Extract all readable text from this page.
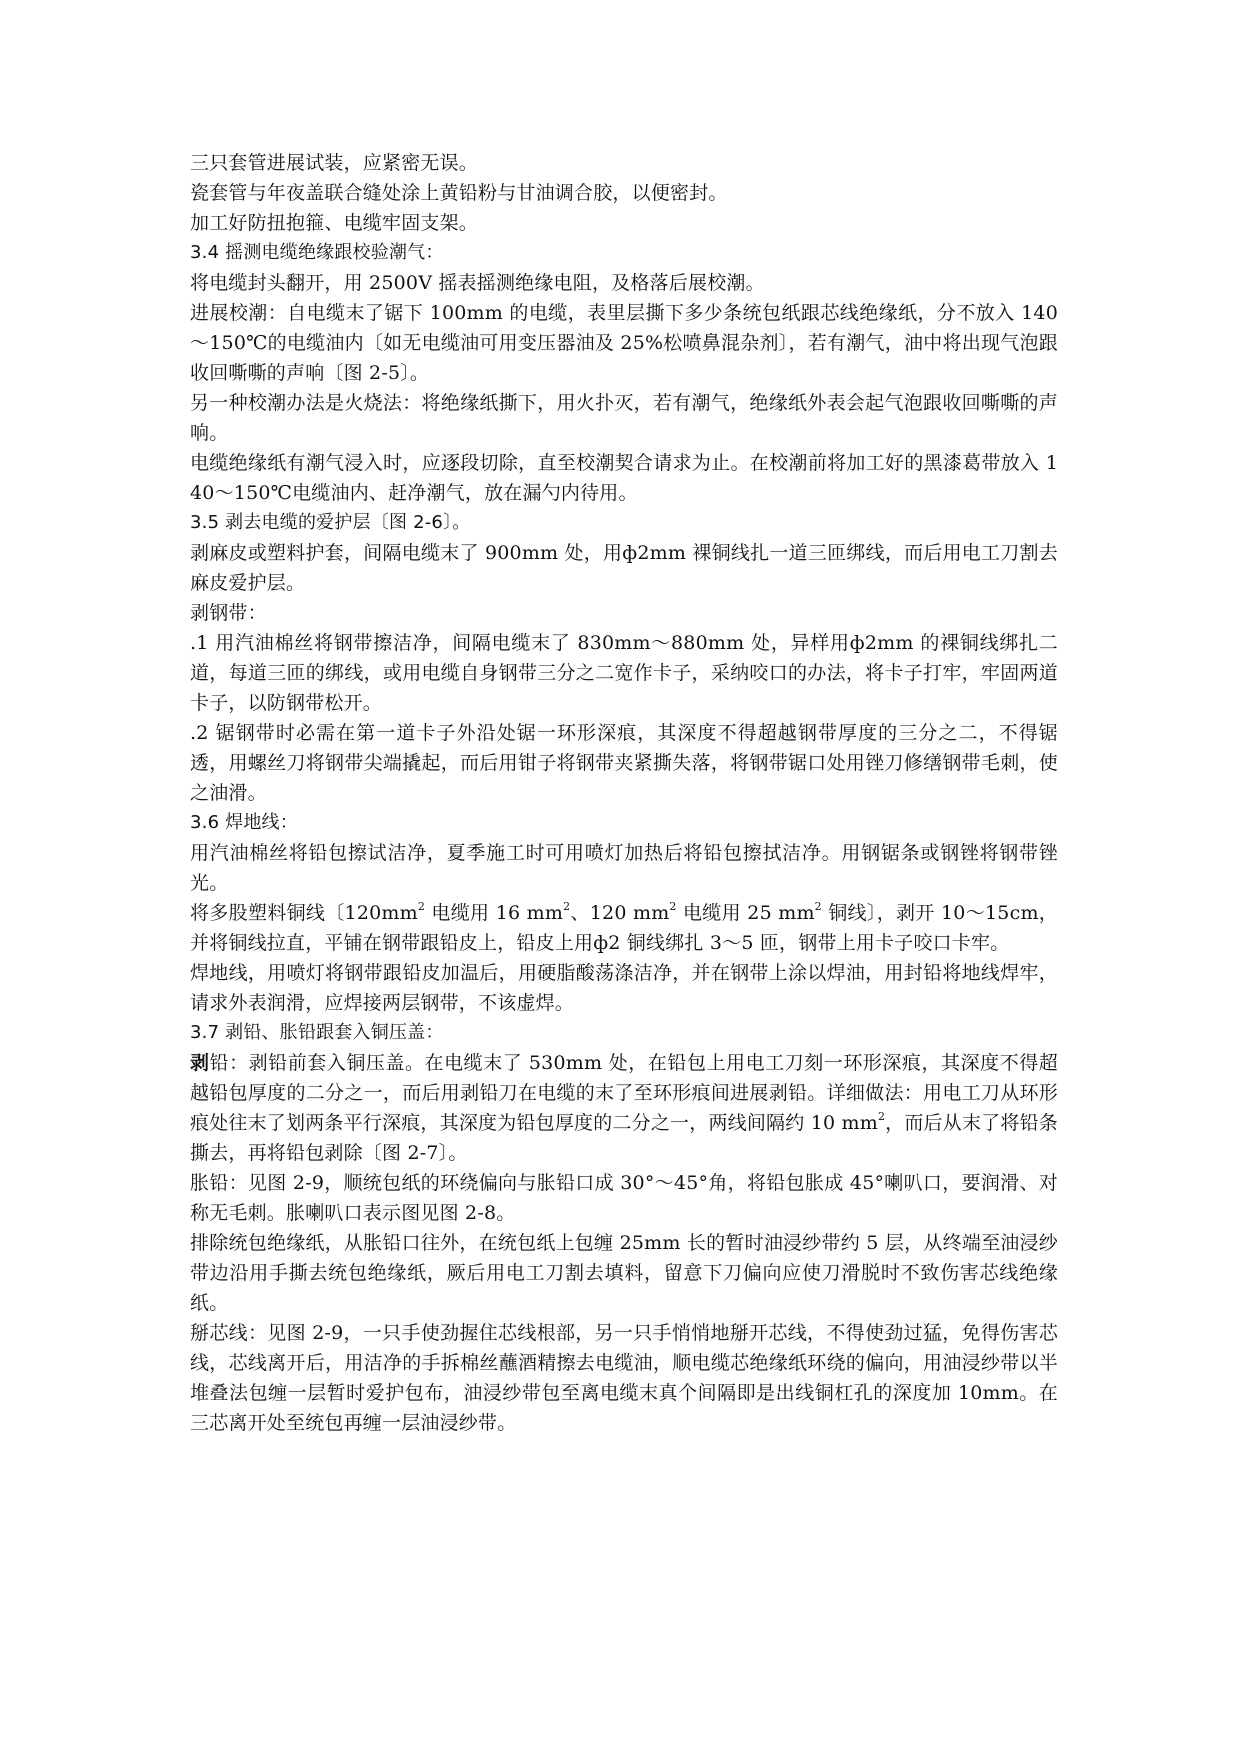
三只套管进展试装，应紧密无误。

瓷套管与年夜盖联合缝处涂上黄铅粉与甘油调合胶，以便密封。

加工好防扭抱箍、电缆牢固支架。

3.4 摇测电缆绝缘跟校验潮气：

将电缆封头翻开，用 2500V 摇表摇测绝缘电阻，及格落后展校潮。

进展校潮：自电缆末了锯下 100mm 的电缆，表里层撕下多少条统包纸跟芯线绝缘纸，分不放入 140～150℃的电缆油内〔如无电缆油可用变压器油及 25%松喷鼻混杂剂〕，若有潮气，油中将出现气泡跟收回嘶嘶的声响〔图 2-5〕。

另一种校潮办法是火烧法：将绝缘纸撕下，用火扑灭，若有潮气，绝缘纸外表会起气泡跟收回嘶嘶的声响。

电缆绝缘纸有潮气浸入时，应逐段切除，直至校潮契合请求为止。在校潮前将加工好的黑漆葛带放入 140～150℃电缆油内、赶净潮气，放在漏勺内待用。

3.5 剥去电缆的爱护层〔图 2-6〕。

剥麻皮或塑料护套，间隔电缆末了 900mm 处，用ф2mm 裸铜线扎一道三匝绑线，而后用电工刀割去麻皮爱护层。

剥钢带：

.1 用汽油棉丝将钢带擦洁净，间隔电缆末了 830mm～880mm 处，异样用ф2mm 的裸铜线绑扎二道，每道三匝的绑线，或用电缆自身钢带三分之二宽作卡子，采纳咬口的办法，将卡子打牢，牢固两道卡子，以防钢带松开。

.2 锯钢带时必需在第一道卡子外沿处锯一环形深痕，其深度不得超越钢带厚度的三分之二，不得锯透，用螺丝刀将钢带尖端撬起，而后用钳子将钢带夹紧撕失落，将钢带锯口处用锉刀修缮钢带毛刺，使之油滑。

3.6 焊地线：

用汽油棉丝将铅包擦试洁净，夏季施工时可用喷灯加热后将铅包擦拭洁净。用钢锯条或钢锉将钢带锉光。

将多股塑料铜线〔$120mm^2$ 电缆用 16 $mm^2$、120 $mm^2$ 电缆用 25 $mm^2$ 铜线〕，剥开 10～15cm，并将铜线拉直，平铺在钢带跟铅皮上，铅皮上用ф2 铜线绑扎 3～5 匝，钢带上用卡子咬口卡牢。

焊地线，用喷灯将钢带跟铅皮加温后，用硬脂酸荡涤洁净，并在钢带上涂以焊油，用封铅将地线焊牢，请求外表润滑，应焊接两层钢带，不该虚焊。

3.7 剥铅、胀铅跟套入铜压盖：

剥铅：剥铅前套入铜压盖。在电缆末了 530mm 处，在铅包上用电工刀刻一环形深痕，其深度不得超越铅包厚度的二分之一，而后用剥铅刀在电缆的末了至环形痕间进展剥铅。详细做法：用电工刀从环形痕处往末了划两条平行深痕，其深度为铅包厚度的二分之一，两线间隔约 10 $mm^2$，而后从末了将铅条撕去，再将铅包剥除〔图 2-7〕。

胀铅：见图 2-9，顺统包纸的环绕偏向与胀铅口成 30°～45°角，将铅包胀成 45°喇叭口，要润滑、对称无毛刺。胀喇叭口表示图见图 2-8。

排除统包绝缘纸，从胀铅口往外，在统包纸上包缠 25mm 长的暂时油浸纱带约 5 层，从终端至油浸纱带边沿用手撕去统包绝缘纸，厥后用电工刀割去填料，留意下刀偏向应使刀滑脱时不致伤害芯线绝缘纸。

掰芯线：见图 2-9，一只手使劲握住芯线根部，另一只手悄悄地掰开芯线，不得使劲过猛，免得伤害芯线，芯线离开后，用洁净的手拆棉丝蘸酒精擦去电缆油，顺电缆芯绝缘纸环绕的偏向，用油浸纱带以半堆叠法包缠一层暂时爱护包布，油浸纱带包至离电缆末真个间隔即是出线铜杠孔的深度加 10mm。在三芯离开处至统包再缠一层油浸纱带。
